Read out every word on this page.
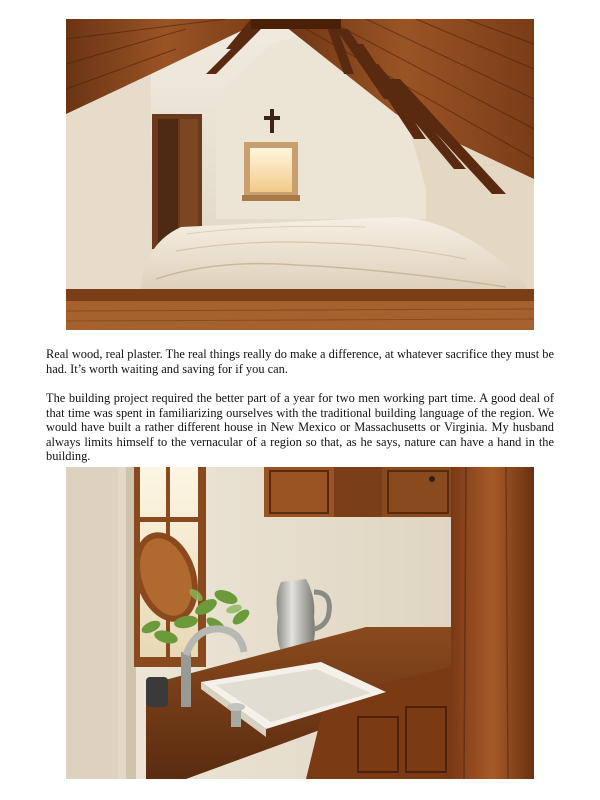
Real wood, real plaster. The real things really do make a difference, at whatever sacrifice they must be had. It’s worth waiting and saving for if you can.

The building project required the better part of a year for two men working part time. A good deal of that time was spent in familiarizing ourselves with the traditional building language of the region. We would have built a rather different house in New Mexico or Massachusetts or Virginia. My husband always limits himself to the vernacular of a region so that, as he says, nature can have a hand in the building.
